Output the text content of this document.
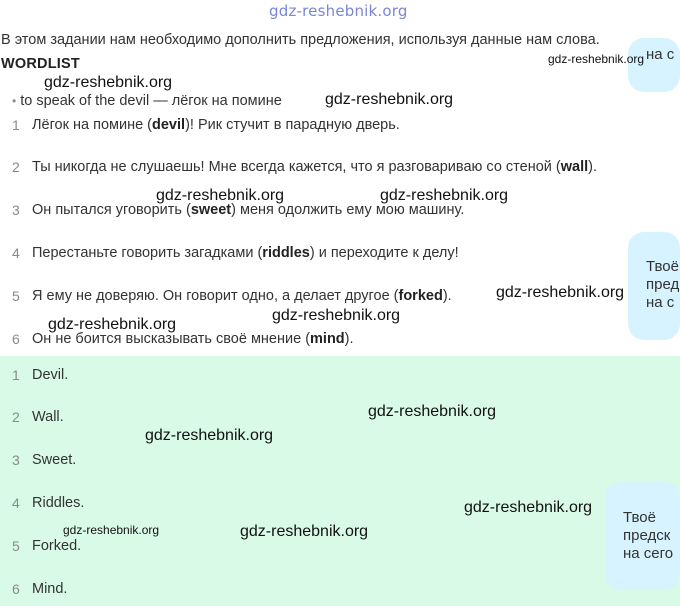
gdz-reshebnik.org
В этом задании нам необходимо дополнить предложения, используя данные нам слова.
WORDLIST
• to speak of the devil — лёгок на помине
1 Лёгок на помине (devil)! Рик стучит в парадную дверь.
2 Ты никогда не слушаешь! Мне всегда кажется, что я разговариваю со стеной (wall).
3 Он пытался уговорить (sweet) меня одолжить ему мою машину.
4 Перестаньте говорить загадками (riddles) и переходите к делу!
5 Я ему не доверяю. Он говорит одно, а делает другое (forked).
6 Он не боится высказывать своё мнение (mind).
1 Devil.
2 Wall.
3 Sweet.
4 Riddles.
5 Forked.
6 Mind.
на с
Твоё
пред
на с
Твоё
предск
на сего
gdz-reshebnik.org
gdz-reshebnik.org
gdz-reshebnik.org
gdz-reshebnik.org	gdz-reshebnik.org
gdz-reshebnik.org
gdz-reshebnik.org
gdz-reshebnik.org
gdz-reshebnik.org
gdz-reshebnik.org
gdz-reshebnik.org
gdz-reshebnik.org	gdz-reshebnik.org
